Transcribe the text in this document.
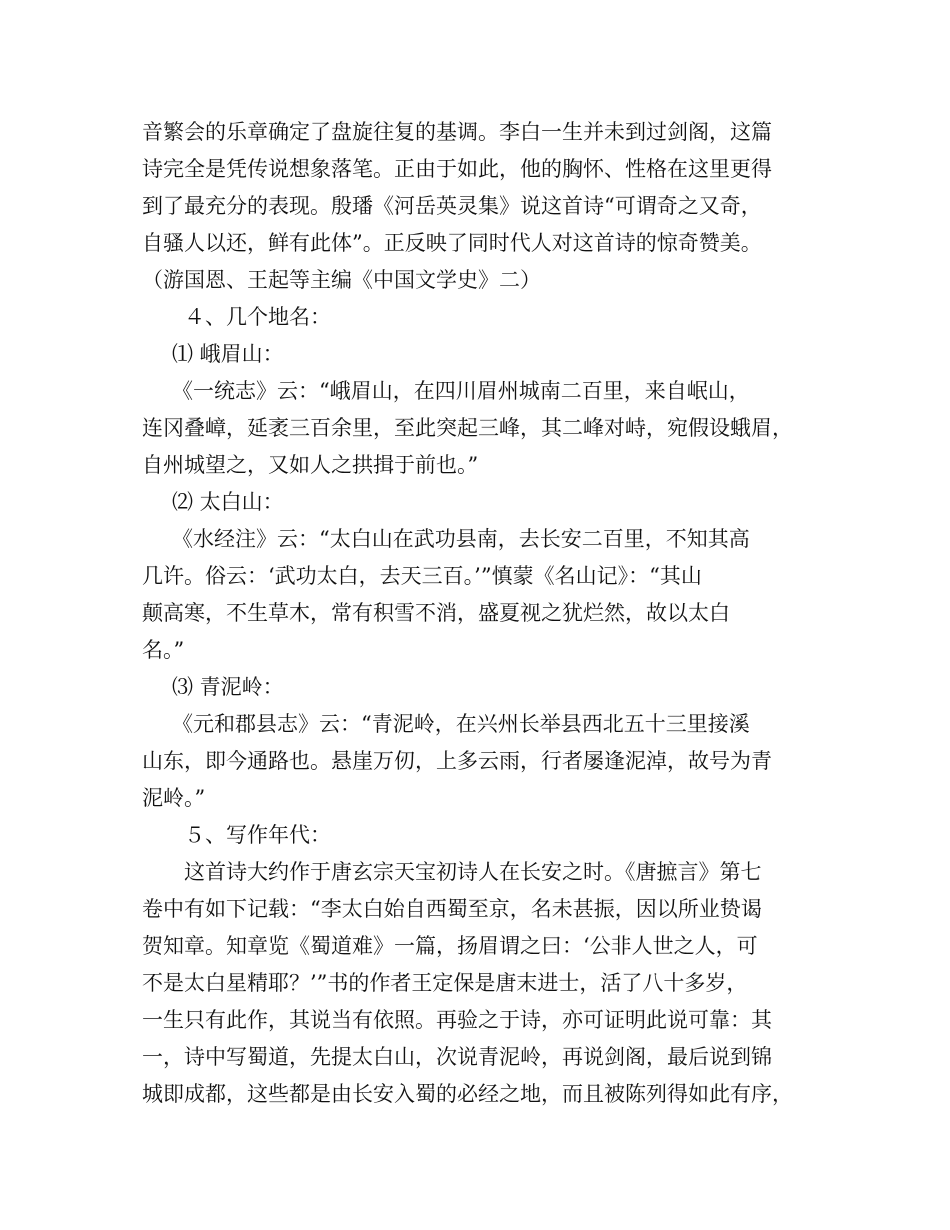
音繁会的乐章确定了盘旋往复的基调。李白一生并未到过剑阁，这篇
诗完全是凭传说想象落笔。正由于如此，他的胸怀、性格在这里更得
到了最充分的表现。殷璠《河岳英灵集》说这首诗“可谓奇之又奇，
自骚人以还，鲜有此体”。正反映了同时代人对这首诗的惊奇赞美。
（游国恩、王起等主编《中国文学史》二）
４、几个地名：
⑴ 峨眉山：
《一统志》云：“峨眉山，在四川眉州城南二百里，来自岷山，
连冈叠嶂，延袤三百余里，至此突起三峰，其二峰对峙，宛假设蛾眉，
自州城望之，又如人之拱揖于前也。”
⑵ 太白山：
《水经注》云：“太白山在武功县南，去长安二百里，不知其高
几许。俗云：‘武功太白，去天三百。’”慎蒙《名山记》：“其山
颠高寒，不生草木，常有积雪不消，盛夏视之犹烂然，故以太白
名。”
⑶ 青泥岭：
《元和郡县志》云：“青泥岭，在兴州长举县西北五十三里接溪
山东，即今通路也。悬崖万仞，上多云雨，行者屡逢泥淖，故号为青
泥岭。”
５、写作年代：
这首诗大约作于唐玄宗天宝初诗人在长安之时。《唐摭言》第七
卷中有如下记载：“李太白始自西蜀至京，名未甚振，因以所业贽谒
贺知章。知章览《蜀道难》一篇，扬眉谓之曰：‘公非人世之人，可
不是太白星精耶？’”书的作者王定保是唐末进士，活了八十多岁，
一生只有此作，其说当有依照。再验之于诗，亦可证明此说可靠：其
一，诗中写蜀道，先提太白山，次说青泥岭，再说剑阁，最后说到锦
城即成都，这些都是由长安入蜀的必经之地，而且被陈列得如此有序，
